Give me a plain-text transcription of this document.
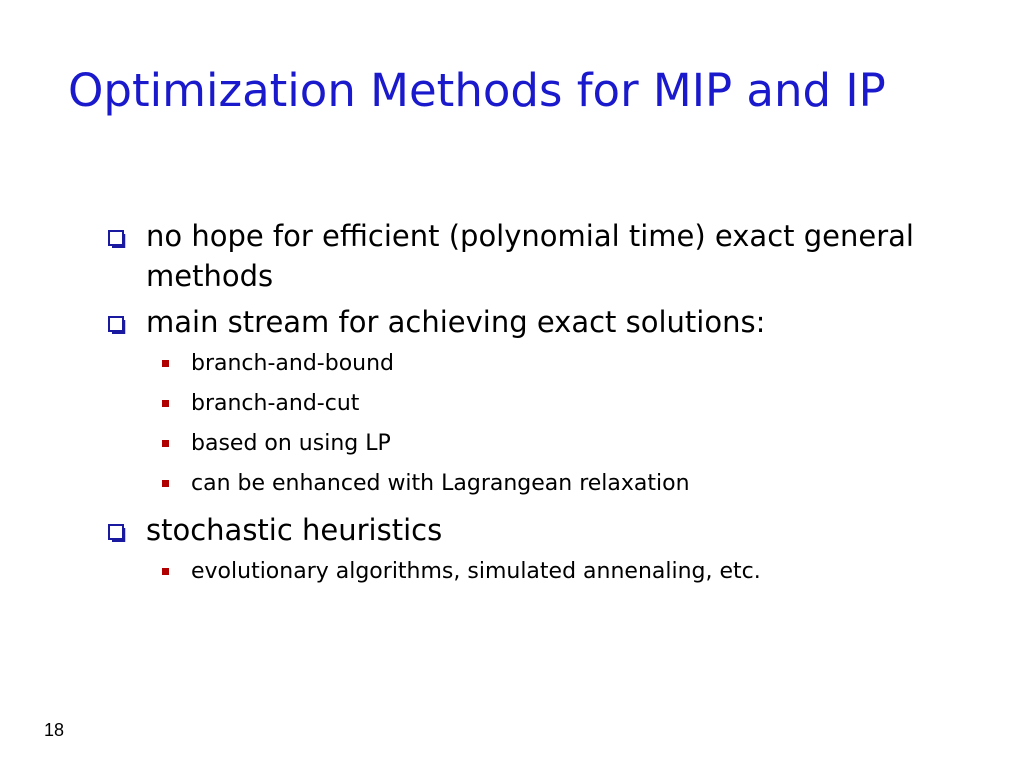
Optimization Methods for MIP and IP
no hope for efficient (polynomial time) exact general methods
main stream for achieving exact solutions:
branch-and-bound
branch-and-cut
based on using LP
can be enhanced with Lagrangean relaxation
stochastic heuristics
evolutionary algorithms, simulated annenaling, etc.
18
